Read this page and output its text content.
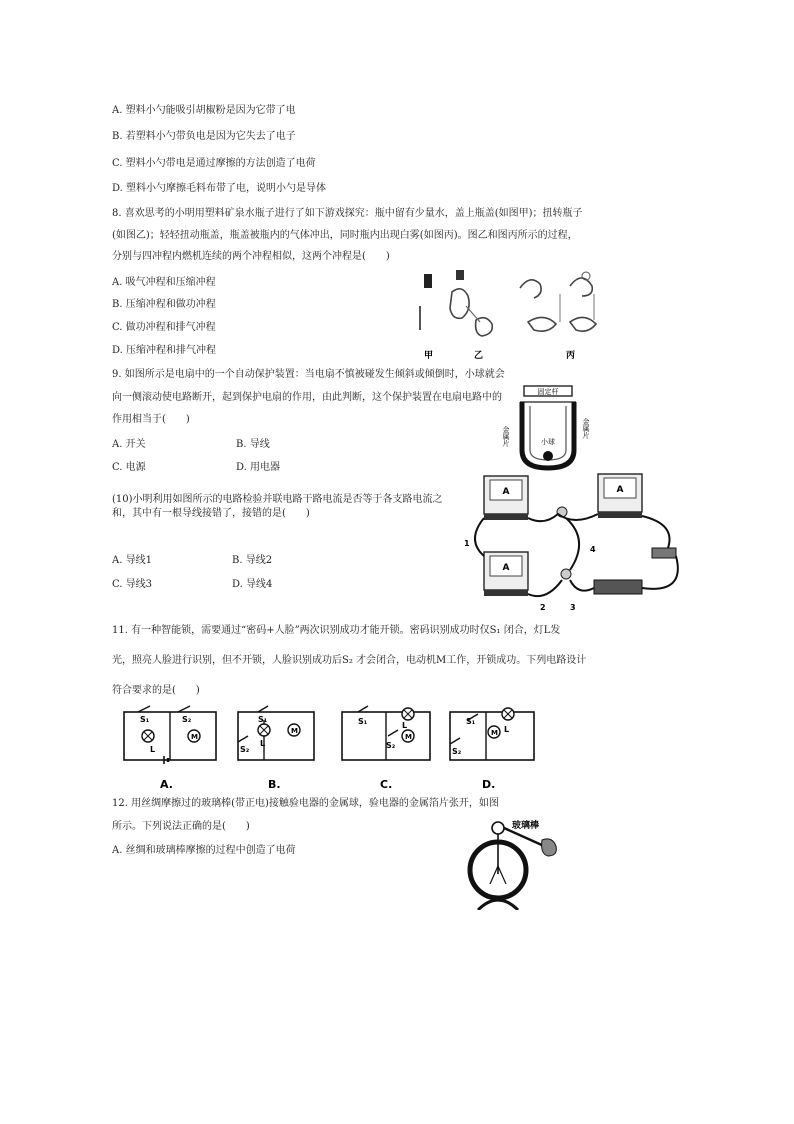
A. 塑料小勺能吸引胡椒粉是因为它带了电
B. 若塑料小勺带负电是因为它失去了电子
C. 塑料小勺带电是通过摩擦的方法创造了电荷
D. 塑料小勺摩擦毛料布带了电，说明小勺是导体
8. 喜欢思考的小明用塑料矿泉水瓶子进行了如下游戏探究：瓶中留有少量水，盖上瓶盖(如图甲)；扭转瓶子
(如图乙)；轻轻扭动瓶盖，瓶盖被瓶内的气体冲出，同时瓶内出现白雾(如图丙)。图乙和图丙所示的过程，
分别与四冲程内燃机连续的两个冲程相似，这两个冲程是(　　)
A. 吸气冲程和压缩冲程
B. 压缩冲程和做功冲程
C. 做功冲程和排气冲程
D. 压缩冲程和排气冲程	甲	乙	丙
9. 如图所示是电扇中的一个自动保护装置：当电扇不慎被碰发生倾斜或倾倒时，小球就会
向一侧滚动使电路断开，起到保护电扇的作用，由此判断，这个保护装置在电扇电路中的
作用相当于(　　)
A. 开关	B. 导线
C. 电源	D. 用电器
固定杆
小球
金属片	金属片
(10)小明利用如图所示的电路检验并联电路干路电流是否等于各支路电流之
和，其中有一根导线接错了，接错的是(　　)
A. 导线1	B. 导线2
C. 导线3	D. 导线4
A	A
A
1
2	3
4
11. 有一种智能锁，需要通过“密码+人脸”两次识别成功才能开锁。密码识别成功时仅S₁ 闭合，灯L发
光，照亮人脸进行识别，但不开锁，人脸识别成功后S₂ 才会闭合，电动机M工作，开锁成功。下列电路设计
符合要求的是(　　)
S₁	S₂
L
M
A.
S₁
S₂
L
M
B.
S₁
S₂
L
M
C.
S₁
S₂
L
M
D.
12. 用丝绸摩擦过的玻璃棒(带正电)接触验电器的金属球，验电器的金属箔片张开，如图
所示。下列说法正确的是(　　)
A. 丝绸和玻璃棒摩擦的过程中创造了电荷
玻璃棒
